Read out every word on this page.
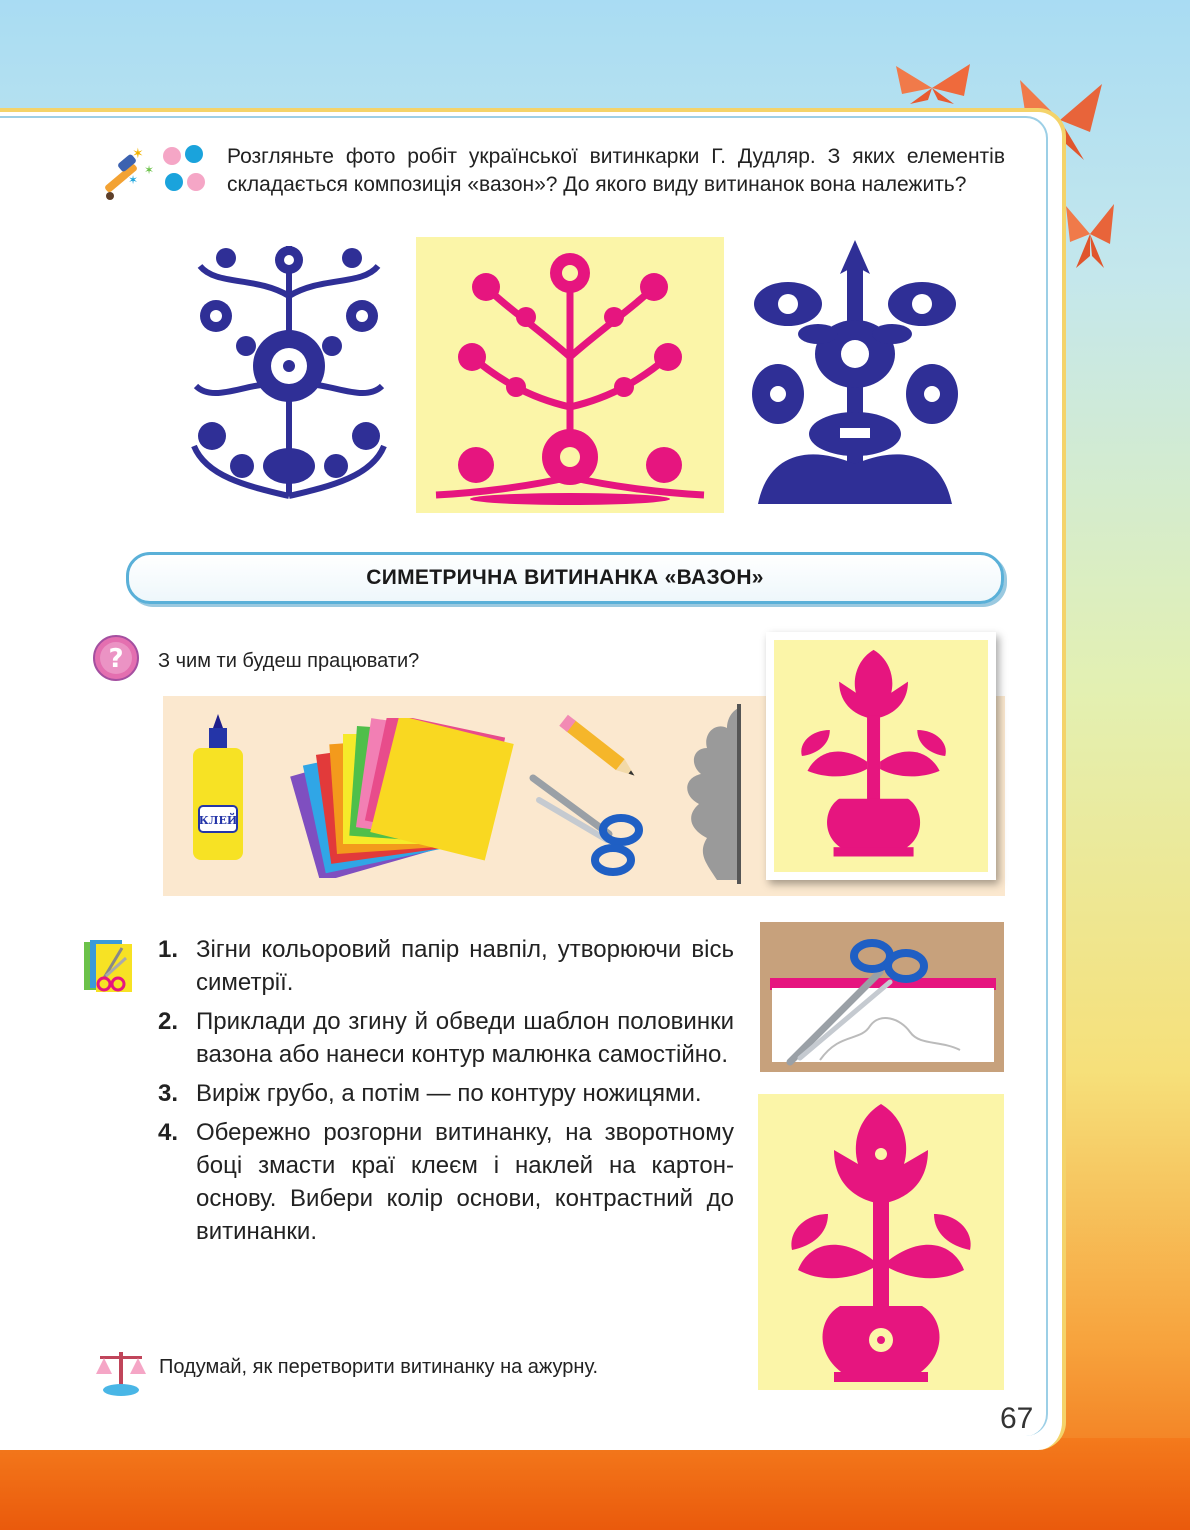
✶
✶
✶
Розгляньте фото робіт української витинкарки Г. Дудляр. З яких елементів складається композиція «вазон»? До якого виду витинанок вона належить?
СИМЕТРИЧНА ВИТИНАНКА «ВАЗОН»
? З чим ти будеш працювати?
КЛЕЙ
1. Зігни кольоровий папір навпіл, утворюючи вісь симетрії.
2. Приклади до згину й обведи шаблон половинки вазона або нанеси контур малюнка самостійно.
3. Виріж грубо, а потім — по контуру ножицями.
4. Обережно розгорни витинанку, на зворотному боці змасти краї клеєм і наклей на картон-основу. Вибери колір основи, контрастний до витинанки.
Подумай, як перетворити витинанку на ажурну.
67
